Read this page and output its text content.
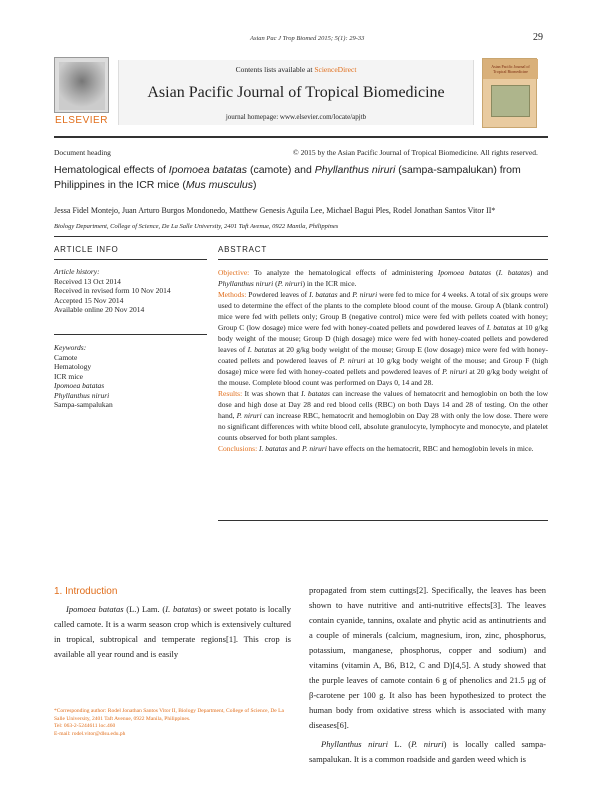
Asian Pac J Trop Biomed 2015; 5(1): 29-33	29
ELSEVIER
Contents lists available at ScienceDirect
Asian Pacific Journal of Tropical Biomedicine
journal homepage: www.elsevier.com/locate/apjtb
Asian Pacific Journal of Tropical Biomedicine
Document heading	© 2015 by the Asian Pacific Journal of Tropical Biomedicine. All rights reserved.
Hematological effects of Ipomoea batatas (camote) and Phyllanthus niruri (sampa-sampalukan) from Philippines in the ICR mice (Mus musculus)
Jessa Fidel Montejo, Juan Arturo Burgos Mondonedo, Matthew Genesis Aguila Lee, Michael Bagui Ples, Rodel Jonathan Santos Vitor II*
Biology Department, College of Science, De La Salle University, 2401 Taft Avenue, 0922 Manila, Philippines
ARTICLE INFO	ABSTRACT
Article history:
Received 13 Oct 2014
Received in revised form 10 Nov 2014
Accepted 15 Nov 2014
Available online 20 Nov 2014
Keywords:
Camote
Hematology
ICR mice
Ipomoea batatas
Phyllanthus niruri
Sampa-sampalukan
Objective: To analyze the hematological effects of administering Ipomoea batatas (I. batatas) and Phyllanthus niruri (P. niruri) in the ICR mice.
Methods: Powdered leaves of I. batatas and P. niruri were fed to mice for 4 weeks. A total of six groups were used to determine the effect of the plants to the complete blood count of the mouse. Group A (blank control) mice were fed with pellets only; Group B (negative control) mice were fed with pellets coated with honey; Group C (low dosage) mice were fed with honey-coated pellets and powdered leaves of I. batatas at 10 g/kg body weight of the mouse; Group D (high dosage) mice were fed with honey-coated pellets and powdered leaves of I. batatas at 20 g/kg body weight of the mouse; Group E (low dosage) mice were fed with honey-coated pellets and powdered leaves of P. niruri at 10 g/kg body weight of the mouse; and Group F (high dosage) mice were fed with honey-coated pellets and powdered leaves of P. niruri at 20 g/kg body weight of the mouse. Complete blood count was performed on Days 0, 14 and 28.
Results: It was shown that I. batatas can increase the values of hematocrit and hemoglobin on both the low dose and high dose at Day 28 and red blood cells (RBC) on both Days 14 and 28 of testing. On the other hand, P. niruri can increase RBC, hematocrit and hemoglobin on Day 28 with only the low dose. There were no significant differences with white blood cell, absolute granulocyte, lymphocyte and monocyte, and platelet counts observed for both plant samples.
Conclusions: I. batatas and P. niruri have effects on the hematocrit, RBC and hemoglobin levels in mice.
1. Introduction
Ipomoea batatas (L.) Lam. (I. batatas) or sweet potato is locally called camote. It is a warm season crop which is extensively cultured in tropical, subtropical and temperate regions[1]. This crop is available all year round and is easily
*Corresponding author: Rodel Jonathan Santos Vitor II, Biology Department, College of Science, De La Salle University, 2401 Taft Avenue, 0922 Manila, Philippines.
Tel: 063-2-5244611 loc.460
E-mail: rodel.vitor@dlsu.edu.ph
propagated from stem cuttings[2]. Specifically, the leaves has been shown to have nutritive and anti-nutritive effects[3]. The leaves contain cyanide, tannins, oxalate and phytic acid as antinutrients and a couple of minerals (calcium, magnesium, iron, zinc, phosphorus, potassium, manganese, phosphorus, copper and sodium) and vitamins (vitamin A, B6, B12, C and D)[4,5]. A study showed that the purple leaves of camote contain 6 g of phenolics and 21.5 μg of β-carotene per 100 g. It also has been hypothesized to protect the human body from oxidative stress which is associated with many diseases[6].
Phyllanthus niruri L. (P. niruri) is locally called sampa-sampalukan. It is a common roadside and garden weed which is
